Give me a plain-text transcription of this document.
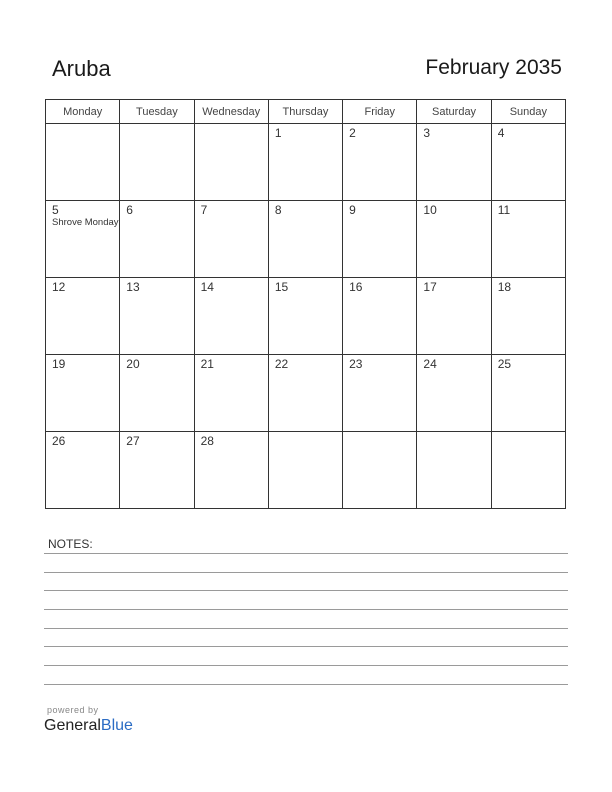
Aruba	February 2035
Monday	Tuesday	Wednesday	Thursday	Friday	Saturday	Sunday

			1	2	3	4

5
Shrove Monday	6	7	8	9	10	11

12	13	14	15	16	17	18

19	20	21	22	23	24	25

26	27	28				

NOTES:
powered by
GeneralBlue
